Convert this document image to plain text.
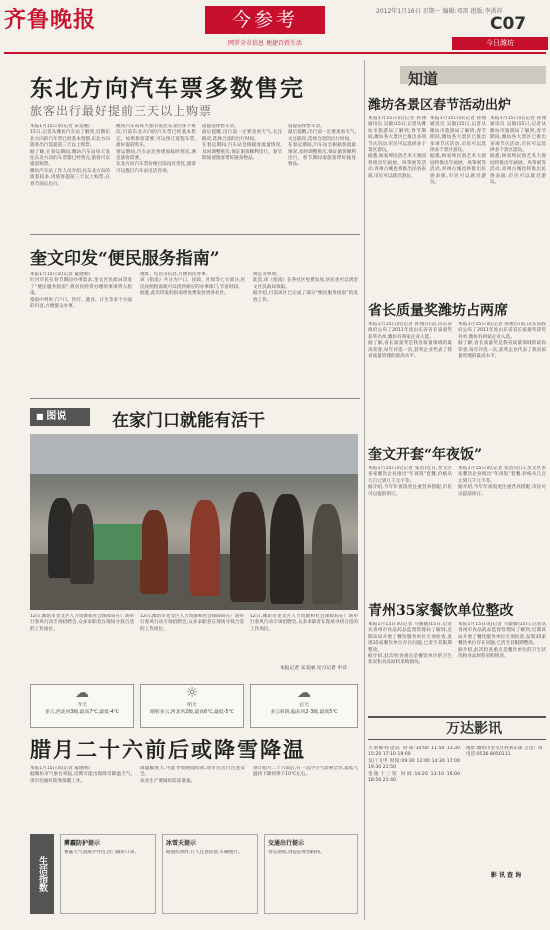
齐鲁晚报	今参考
网罗全市信息 便捷百姓生活
2012年1月16日 星期一 编辑:邓雷 组版:李洪祥
C07
今日潍坊
东北方向汽车票多数售完
旅客出行最好提前三天以上购票
本报1月15日讯(记者 宋美丽)
15日,记者从潍坊汽车站了解到,近期东北方向的汽车票已经基本售罄,东北方向旅客出行需提前三天以上购票。
据了解,在春运期间,潍坊汽车站每天发往东北方向的车票都已经售完,旅客可以提前购票。
潍坊汽车站工作人员介绍,往东北方向的旅客较多,请旅客提前三天以上购票,在春节前后出行。
潍坊汽车站每天都有发往东北的多个班次,目前东北方向的汽车票已经基本售完。如果旅客需要,可以预订返程车票,最好提前购买。
春运期间,汽车站还将增加临时班次,满足旅客需要。
东北方向汽车票价格目前没有变化,旅客可以拨打汽车站电话咨询。
站提前预售车票。
最后提醒,出行前一定要查看天气,关注路况,选择合适的出行时间。
在春运期间,汽车站会根据客流量情况,及时调整班次,保证旅客顺利出行。春节期间请旅客带好随身物品。
站提前预售车票。
最后提醒,出行前一定要查看天气,关注路况,选择合适的出行时间。
在春运期间,汽车站会根据客流量情况,及时调整班次,保证旅客顺利出行。春节期间请旅客带好随身物品。
奎文印发“便民服务指南”
本报1月15日讯(记者 董建刚)
针对市民在春节期间办事需求,奎文区民政局印发了“便民服务指南”,将居民经常办理的事项列入指南。
指南中列举了户口、医疗、就业、计生等多个方面的内容,方便群众办事。
地址、电话等信息,方便居民办事。
该《指南》共分为户口、民政、社保等七大部分,居民按照指南就可以找到相应的办事部门,节省时间。
据悉,此次印发的指南将免费发放到各社区。
规定等事项。
此次,该《指南》在各社区免费发放,居民也可以到奎文区民政局领取。
据介绍,目前该区已完成了部分“便民服务指南”的发放工作。
■ 图说	在家门口就能有活干
12日,潍坊市奎文区人力资源和社会保障局在广场举行春风行动专场招聘会,众多求职者在现场寻找合适的工作岗位。
12日,潍坊市奎文区人力资源和社会保障局在广场举行春风行动专场招聘会,众多求职者在现场寻找合适的工作岗位。
12日,潍坊市奎文区人力资源和社会保障局在广场举行春风行动专场招聘会,众多求职者在现场寻找合适的工作岗位。
本报记者 宋美丽 见习记者 申诗
☁
今天
多云,西北风3级,最高7℃,最低-4℃
☼
明天
晴转多云,西北风2级,最高6℃,最低-5℃
☁
后天
多云转阴,偏东风2-3级,最高5℃
腊月二十六前后或降雪降温
本报1月15日讯(记者 董建刚)
据潍坊市气象台预报,近期可能出现降雪降温天气,请市民做好防寒保暖工作。
降温幅度大,可能导致路面结冰,请市民出行注意安全。
农业生产要做好防冻准备。
预计腊月二十六前后,有一次冷空气影响全市,最低气温将下降到零下10℃左右。
生活指数
雾霾防护提示
雾霾天气请减少外出,出门戴好口罩。
冰雪天提示
路面结冰时,行人注意防滑,车辆慢行。
交通出行提示
春运期间,请提前规划路线。
知道
潍坊各景区春节活动出炉
本报1月15日讯(记者 孙翔 通讯员 吴敏)15日,记者从潍坊市旅游局了解到,春节期间,潍坊各大景区已推出多项节庆活动,市民可以选择多个景区游玩。
据悉,杨家埠民俗艺术大观园将推出年画展、风筝展等活动,青州古城也将推出民俗表演,市民可以就近游玩。
本报1月15日讯(记者 孙翔 通讯员 吴敏)15日,记者从潍坊市旅游局了解到,春节期间,潍坊各大景区已推出多项节庆活动,市民可以选择多个景区游玩。
据悉,杨家埠民俗艺术大观园将推出年画展、风筝展等活动,青州古城也将推出民俗表演,市民可以就近游玩。
本报1月15日讯(记者 孙翔 通讯员 吴敏)15日,记者从潍坊市旅游局了解到,春节期间,潍坊各大景区已推出多项节庆活动,市民可以选择多个景区游玩。
据悉,杨家埠民俗艺术大观园将推出年画展、风筝展等活动,青州古城也将推出民俗表演,市民可以就近游玩。
省长质量奖潍坊占两席
本报1月15日讯(记者 孙翔)日前,山东省政府公布了2011年度山东省省长质量奖获奖名单,潍坊有两家企业入选。
据了解,省长质量奖是我省质量领域的最高荣誉,每年评选一次,获奖企业代表了我省质量管理的最高水平。
本报1月15日讯(记者 孙翔)日前,山东省政府公布了2011年度山东省省长质量奖获奖名单,潍坊有两家企业入选。
据了解,省长质量奖是我省质量领域的最高荣誉,每年评选一次,获奖企业代表了我省质量管理的最高水平。
奎文开套“年夜饭”
本报1月15日讯(记者 张浩)近日,奎文区多家餐饮企业推出“年夜饭”套餐,价格从几百元到几千元不等。
据介绍,今年年夜饭更注重营养搭配,市民可以提前预订。
本报1月15日讯(记者 张浩)近日,奎文区多家餐饮企业推出“年夜饭”套餐,价格从几百元到几千元不等。
据介绍,今年年夜饭更注重营养搭配,市民可以提前预订。
青州35家餐饮单位整改
本报1月15日讯(记者 马媛媛)15日,记者从青州市食品药品监督管理局了解到,近期该局开展了餐饮服务单位专项检查,发现35家餐饮单位存在问题,已责令其限期整改。
据介绍,此次检查重点是餐饮单位的卫生状况和食品原料采购情况。
本报1月15日讯(记者 马媛媛)15日,记者从青州市食品药品监督管理局了解到,近期该局开展了餐饮服务单位专项检查,发现35家餐饮单位存在问题,已责令其限期整改。
据介绍,此次检查重点是餐饮单位的卫生状况和食品原料采购情况。
万达影讯
大黄蜂特攻队 时间:10:00 11:50 13:30 15:20 17:10 19:00
龙门飞甲 时间:09:30 12:00 14:30 17:00 19:30 21:50
金陵十三钗 时间:10:20 13:10 16:00 18:50 21:40
地址:潍坊市奎文区胜利东街 万达广场
电话:0536-8050111
影 讯 查 询
